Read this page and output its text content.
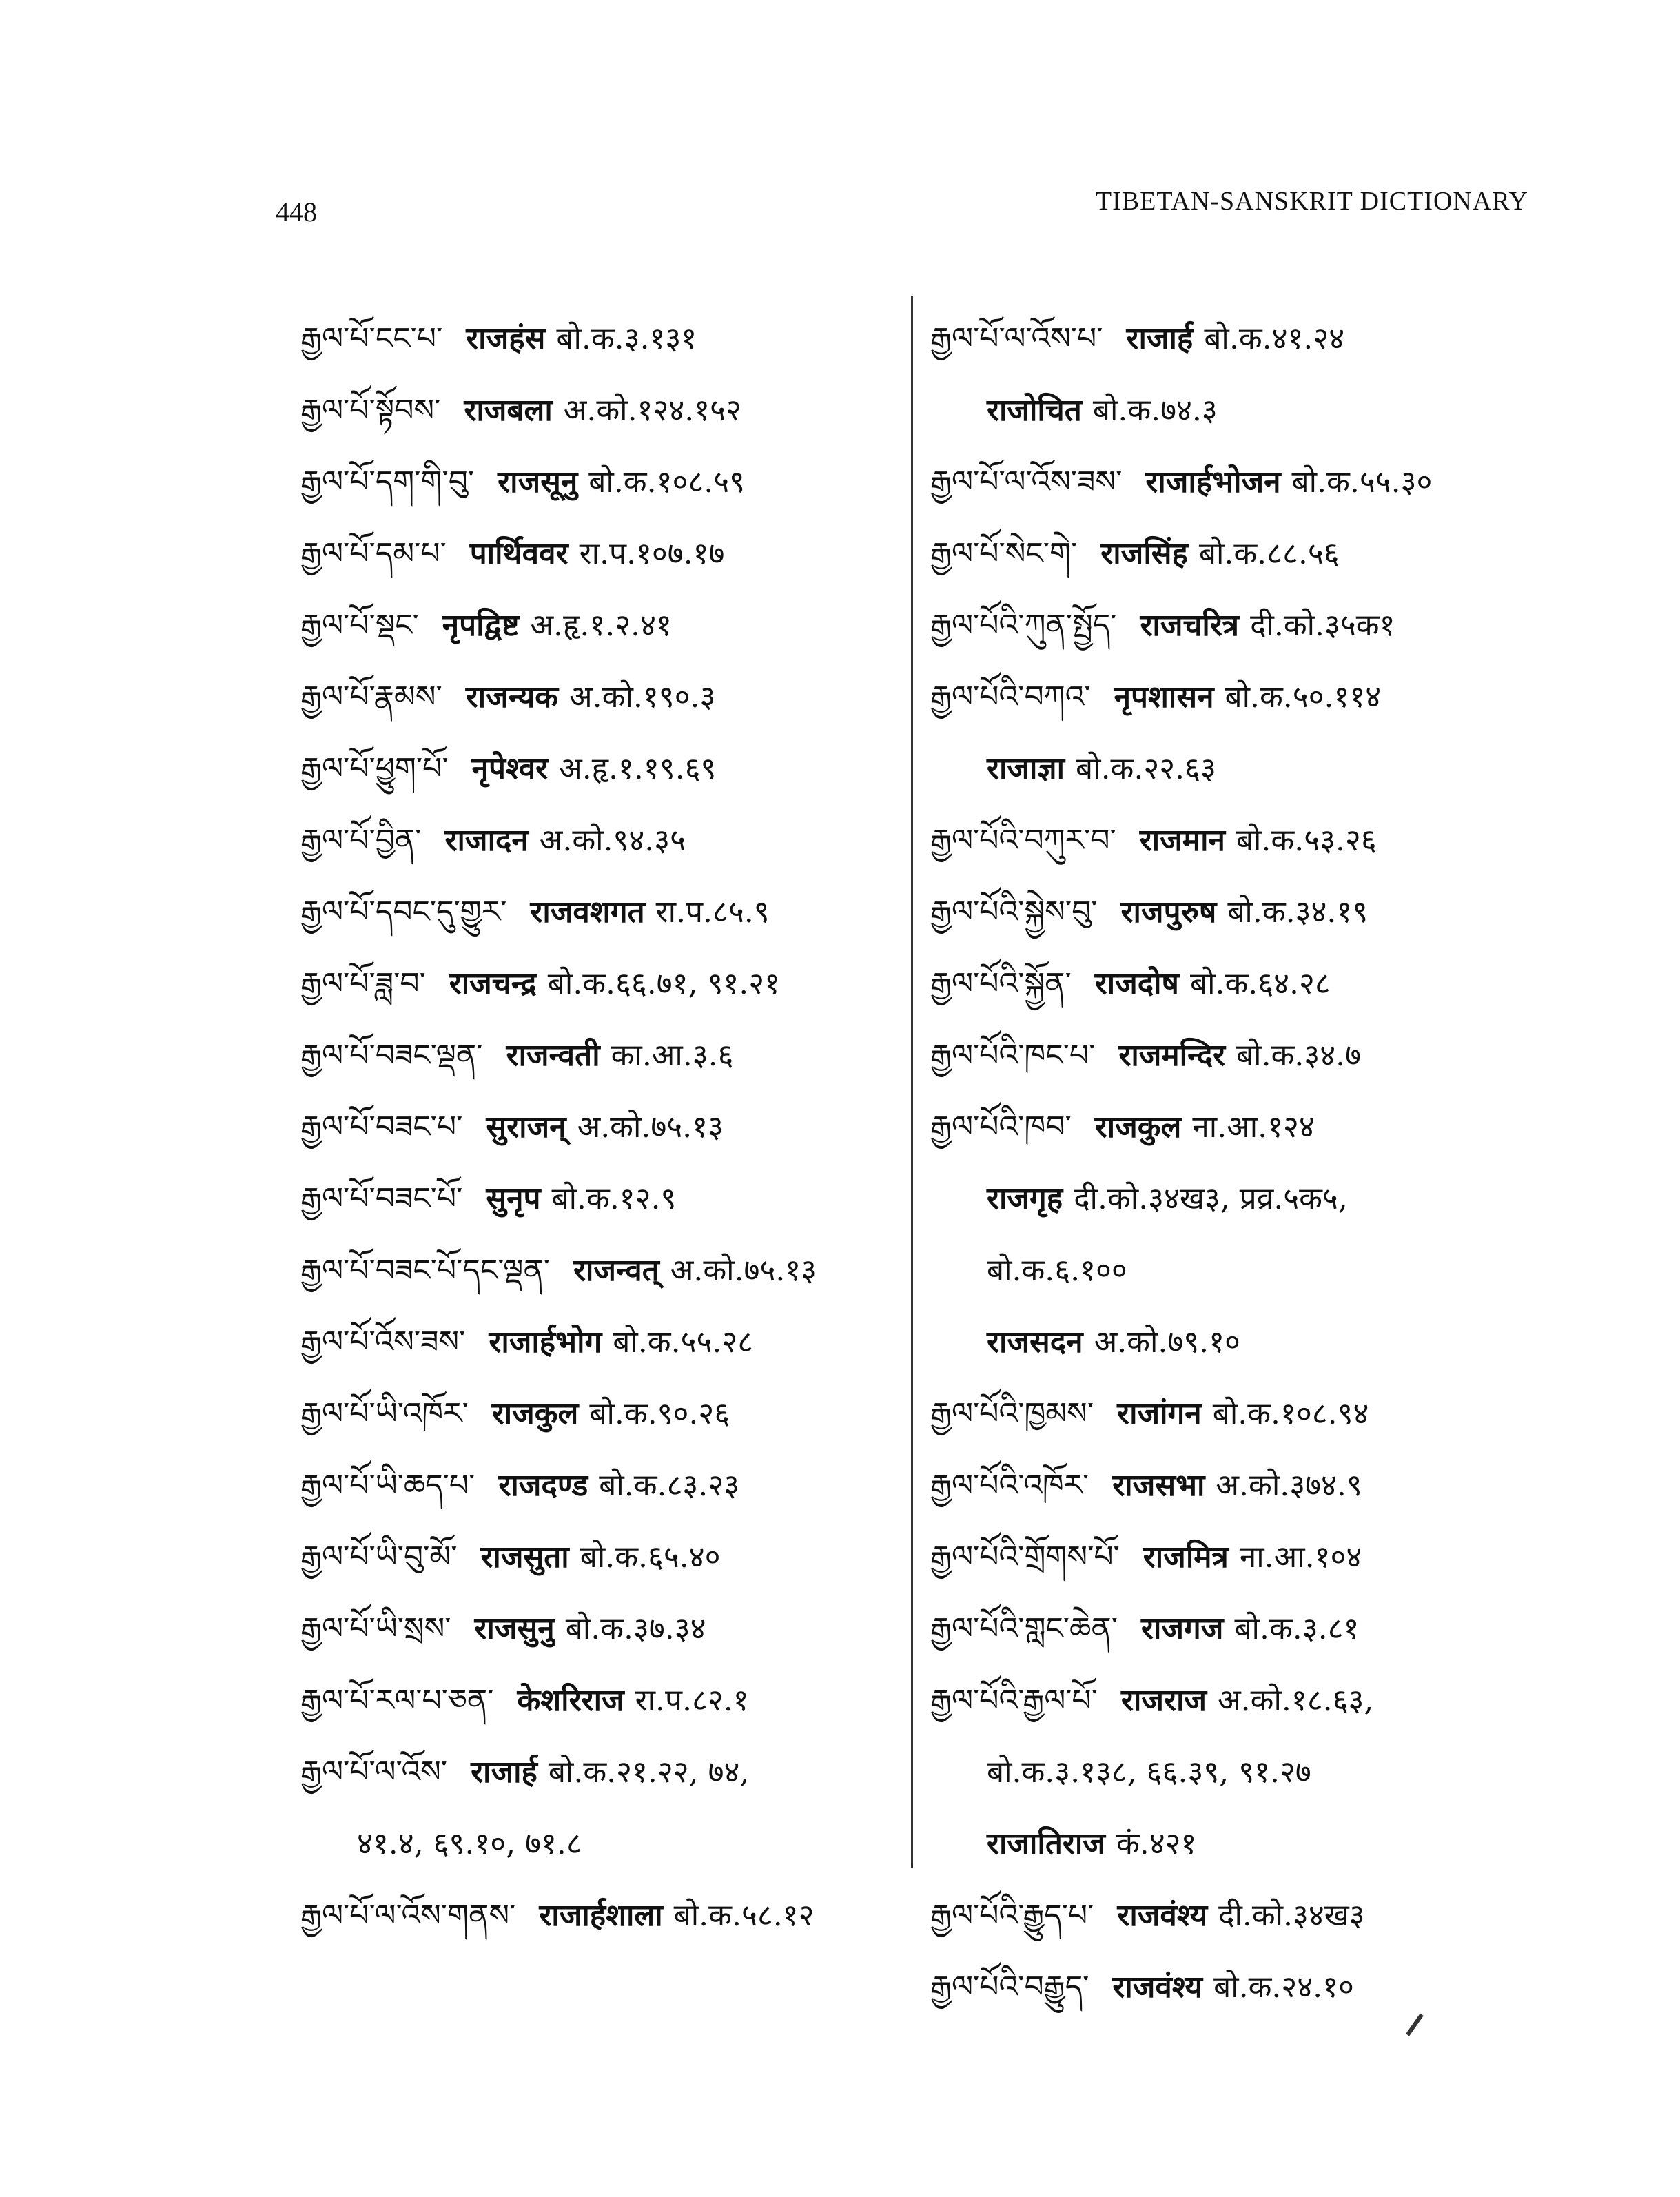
448	TIBETAN-SANSKRIT DICTIONARY
རྒྱལ་པོ་ངང་པ་ राजहंस बो.क.३.१३१
རྒྱལ་པོ་སྟོབས་ राजबला अ.को.१२४.१५२
རྒྱལ་པོ་དག་གི་བུ་ राजसूनु बो.क.१०८.५९
རྒྱལ་པོ་དམ་པ་ पार्थिववर रा.प.१०७.१७
རྒྱལ་པོ་སྡང་ नृपद्विष्ट अ.हृ.१.२.४१
རྒྱལ་པོ་རྣམས་ राजन्यक अ.को.१९०.३
རྒྱལ་པོ་ཕྱུག་པོ་ नृपेश्वर अ.हृ.१.१९.६९
རྒྱལ་པོ་བྱིན་ राजादन अ.को.९४.३५
རྒྱལ་པོ་དབང་དུ་གྱུར་ राजवशगत रा.प.८५.९
རྒྱལ་པོ་ཟླ་བ་ राजचन्द्र बो.क.६६.७१, ९१.२१
རྒྱལ་པོ་བཟང་ལྡན་ राजन्वती का.आ.३.६
རྒྱལ་པོ་བཟང་པ་ सुराजन् अ.को.७५.१३
རྒྱལ་པོ་བཟང་པོ་ सुनृप बो.क.१२.९
རྒྱལ་པོ་བཟང་པོ་དང་ལྡན་ राजन्वत् अ.को.७५.१३
རྒྱལ་པོ་འོས་ཟས་ राजार्हभोग बो.क.५५.२८
རྒྱལ་པོ་ཡི་འཁོར་ राजकुल बो.क.९०.२६
རྒྱལ་པོ་ཡི་ཆད་པ་ राजदण्ड बो.क.८३.२३
རྒྱལ་པོ་ཡི་བུ་མོ་ राजसुता बो.क.६५.४०
རྒྱལ་པོ་ཡི་སྲས་ राजसुनु बो.क.३७.३४
རྒྱལ་པོ་རལ་པ་ཅན་ केशरिराज रा.प.८२.१
རྒྱལ་པོ་ལ་འོས་ राजार्ह बो.क.२१.२२, ७४,
४१.४, ६९.१०, ७१.८
རྒྱལ་པོ་ལ་འོས་གནས་ राजार्हशाला बो.क.५८.१२
རྒྱལ་པོ་ལ་འོས་པ་ राजार्ह बो.क.४१.२४
राजोचित बो.क.७४.३
རྒྱལ་པོ་ལ་འོས་ཟས་ राजार्हभोजन बो.क.५५.३०
རྒྱལ་པོ་སེང་གེ་ राजसिंह बो.क.८८.५६
རྒྱལ་པོའི་ཀུན་སྤྱོད་ राजचरित्र दी.को.३५क१
རྒྱལ་པོའི་བཀའ་ नृपशासन बो.क.५०.११४
राजाज्ञा बो.क.२२.६३
རྒྱལ་པོའི་བཀུར་བ་ राजमान बो.क.५३.२६
རྒྱལ་པོའི་སྐྱེས་བུ་ राजपुरुष बो.क.३४.१९
རྒྱལ་པོའི་སྐྱོན་ राजदोष बो.क.६४.२८
རྒྱལ་པོའི་ཁང་པ་ राजमन्दिर बो.क.३४.७
རྒྱལ་པོའི་ཁབ་ राजकुल ना.आ.१२४
राजगृह दी.को.३४ख३, प्रव्र.५क५,
बो.क.६.१००
राजसदन अ.को.७९.१०
རྒྱལ་པོའི་ཁྱམས་ राजांगन बो.क.१०८.९४
རྒྱལ་པོའི་འཁོར་ राजसभा अ.को.३७४.९
རྒྱལ་པོའི་གྲོགས་པོ་ राजमित्र ना.आ.१०४
རྒྱལ་པོའི་གླང་ཆེན་ राजगज बो.क.३.८१
རྒྱལ་པོའི་རྒྱལ་པོ་ राजराज अ.को.१८.६३,
बो.क.३.१३८, ६६.३९, ९१.२७
राजातिराज कं.४२१
རྒྱལ་པོའི་རྒྱུད་པ་ राजवंश्य दी.को.३४ख३
རྒྱལ་པོའི་བརྒྱུད་ राजवंश्य बो.क.२४.१०
